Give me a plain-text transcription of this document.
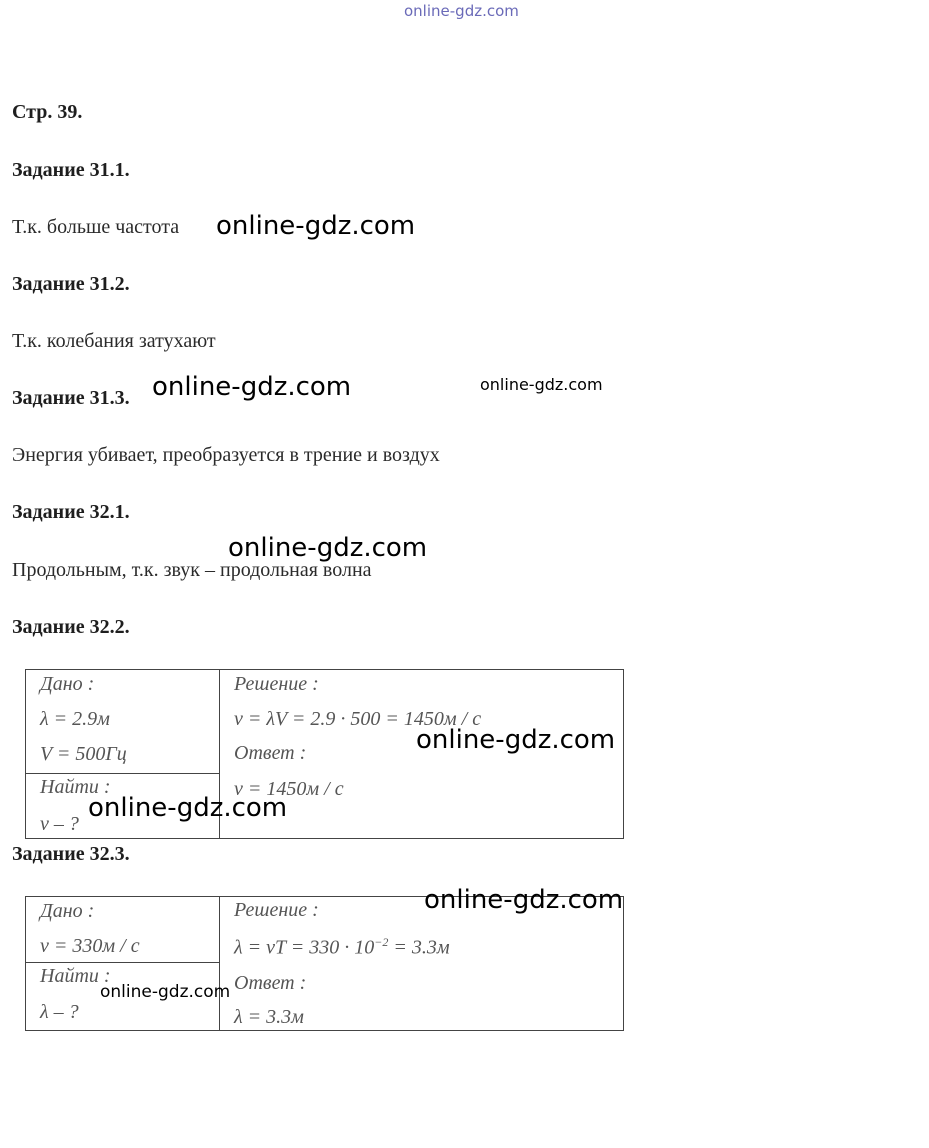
online-gdz.com
Стр. 39.
Задание 31.1.
Т.к. больше частота
Задание 31.2.
Т.к. колебания затухают
Задание 31.3.
Энергия убивает, преобразуется в трение и воздух
Задание 32.1.
Продольным, т.к. звук – продольная волна
Задание 32.2.
Дано :
λ = 2.9м
V = 500Гц
Найти :
v – ?
Решение :
v = λV = 2.9 · 500 = 1450м / с
Ответ :
v = 1450м / с
Задание 32.3.
Дано :
v = 330м / с
Найти :
λ – ?
Решение :
λ = vT = $330 \cdot 10^{-2} = 3.3м$
Ответ :
λ = 3.3м
online-gdz.com
online-gdz.com	online-gdz.com
online-gdz.com
online-gdz.com
online-gdz.com
online-gdz.com
online-gdz.com
